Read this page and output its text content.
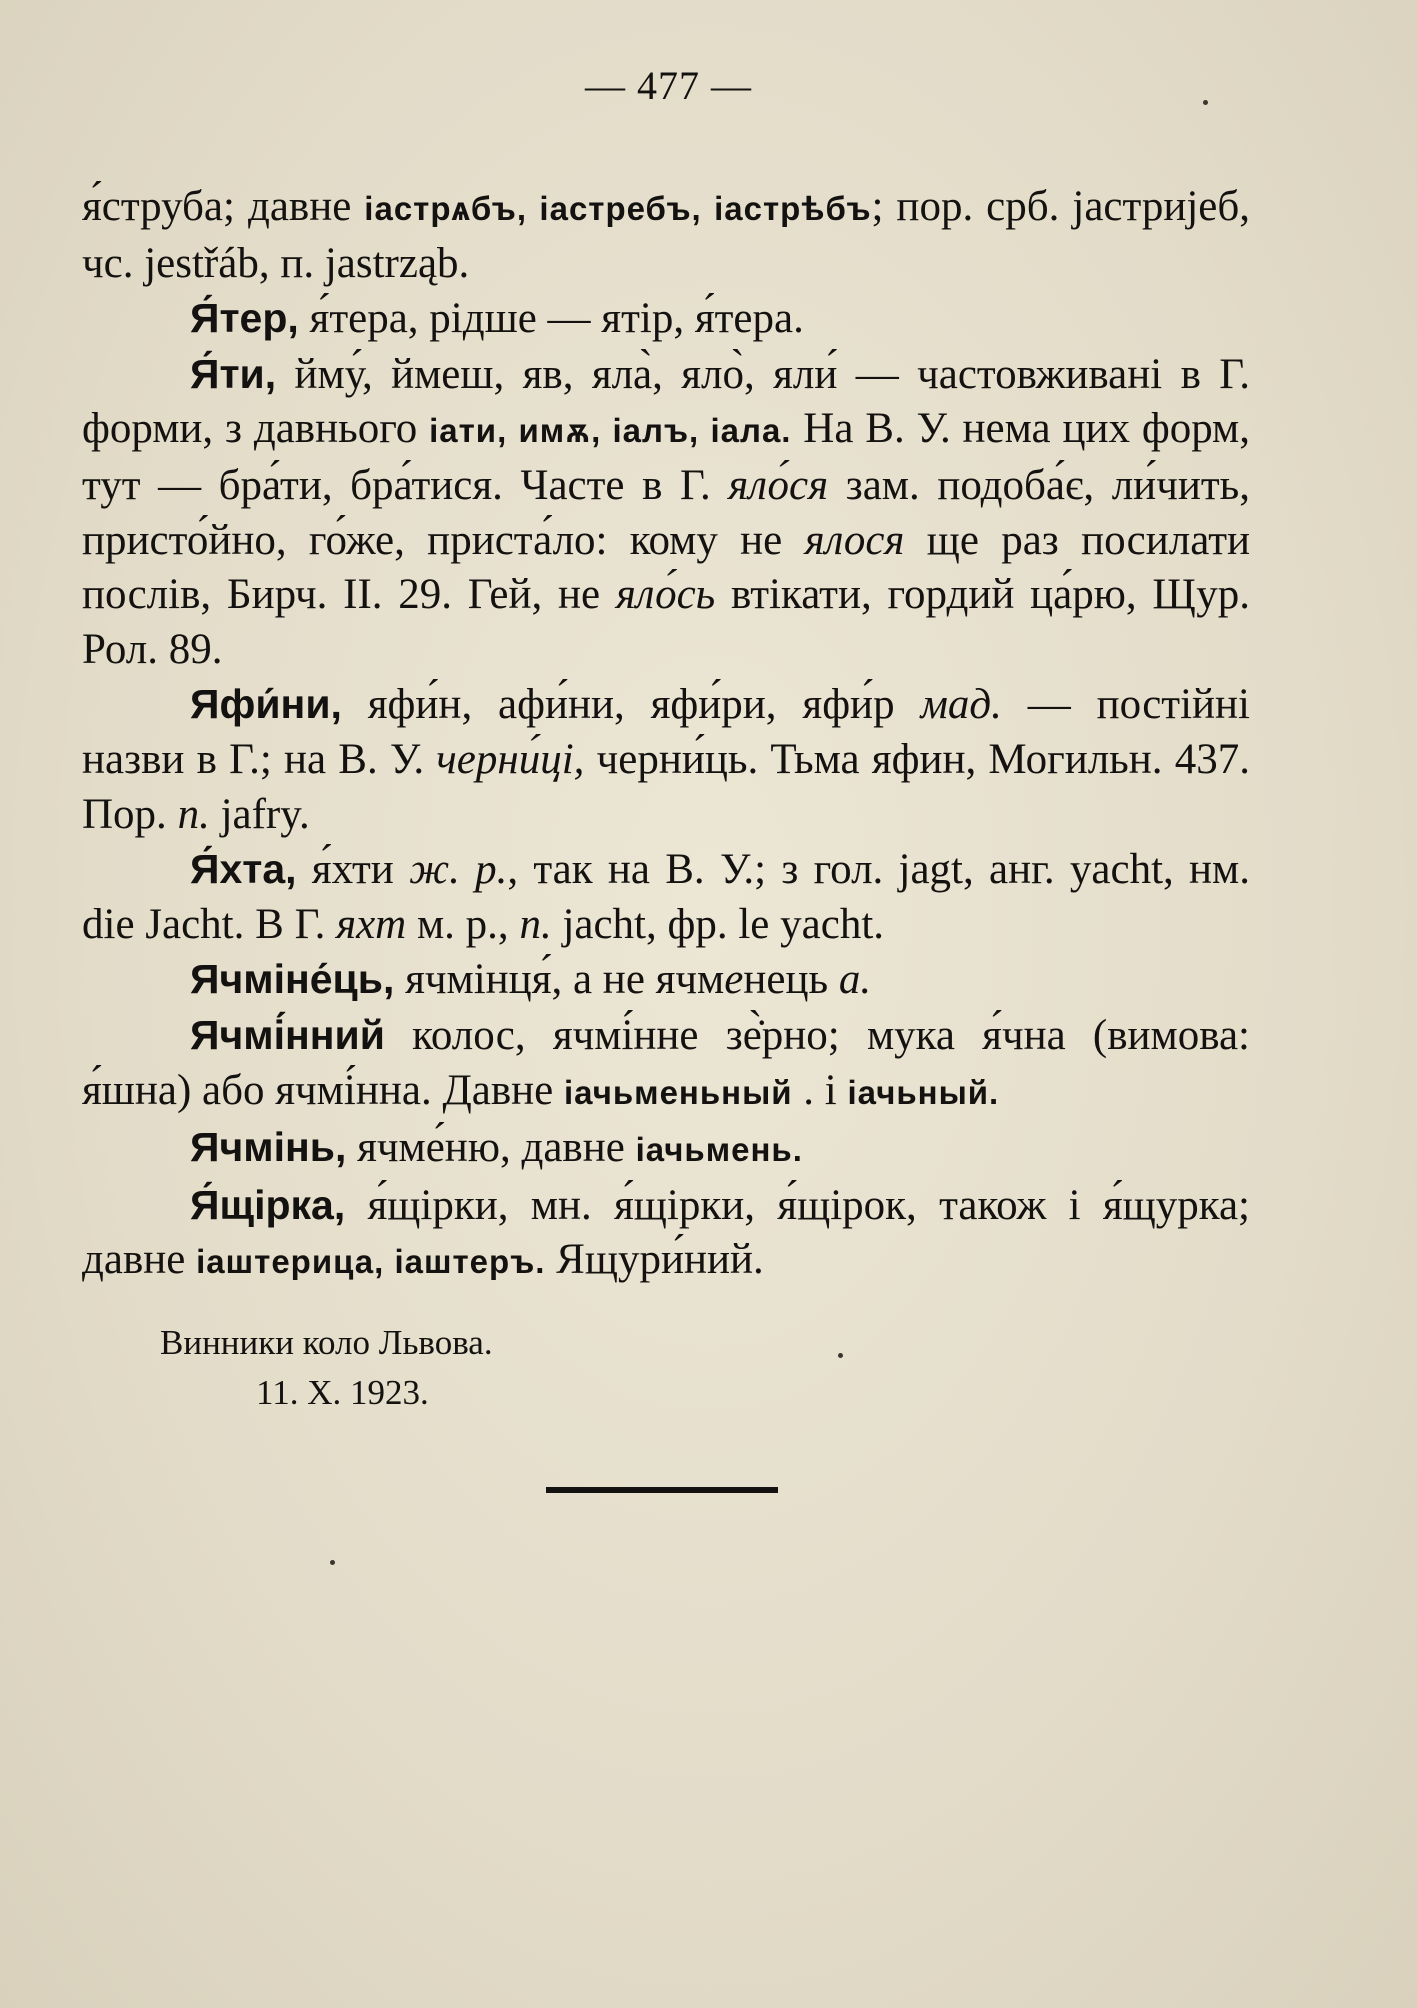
— 477 —

я́струба; давне іастрѧбъ, іастребъ, іастрѣбъ; пор. срб. јастријеб, чс. jestřáb, п. jastrząb.

Я́тер, я́тера, рідше — ятір, я́тера.

Я́ти, йму́, ймеш, яв, яла̀, яло̀, яли́ — частовживані в Г. форми, з давнього іати, имѫ, іалъ, іала. На В. У. нема цих форм, тут — бра́ти, бра́тися. Часте в Г. яло́ся зам. подоба́є, ли́чить, присто́йно, го́же, приста́ло: кому не ялося ще раз посилати послів, Бирч. II. 29. Гей, не яло́сь втікати, гордий ца́рю, Щур. Рол. 89.

Яфи́ни, яфи́н, афи́ни, яфи́ри, яфи́р мад. — постійні назви в Г.; на В. У. черни́ці, черни́ць. Тьма яфин, Могильн. 437. Пор. п. jafry.

Я́хта, я́хти ж. р., так на В. У.; з гол. jagt, анг. yacht, нм. die Jacht. В Г. яхт м. р., п. jacht, фр. le yacht.

Ячміне́ць, ячмінця́, а не ячменець а.

Ячмі́нний колос, ячмі́нне зе̇̀рно; мука я́чна (вимова: я́шна) або ячмі́нна. Давне іачьменьный . і іачьный.

Ячмінь, ячме́ню, давне іачьмень.

Я́щірка, я́щірки, мн. я́щірки, я́щірок, також і я́щурка; давне іаштерица, іаштеръ. Ящури́ний.

Винники коло Львова.
11. X. 1923.
